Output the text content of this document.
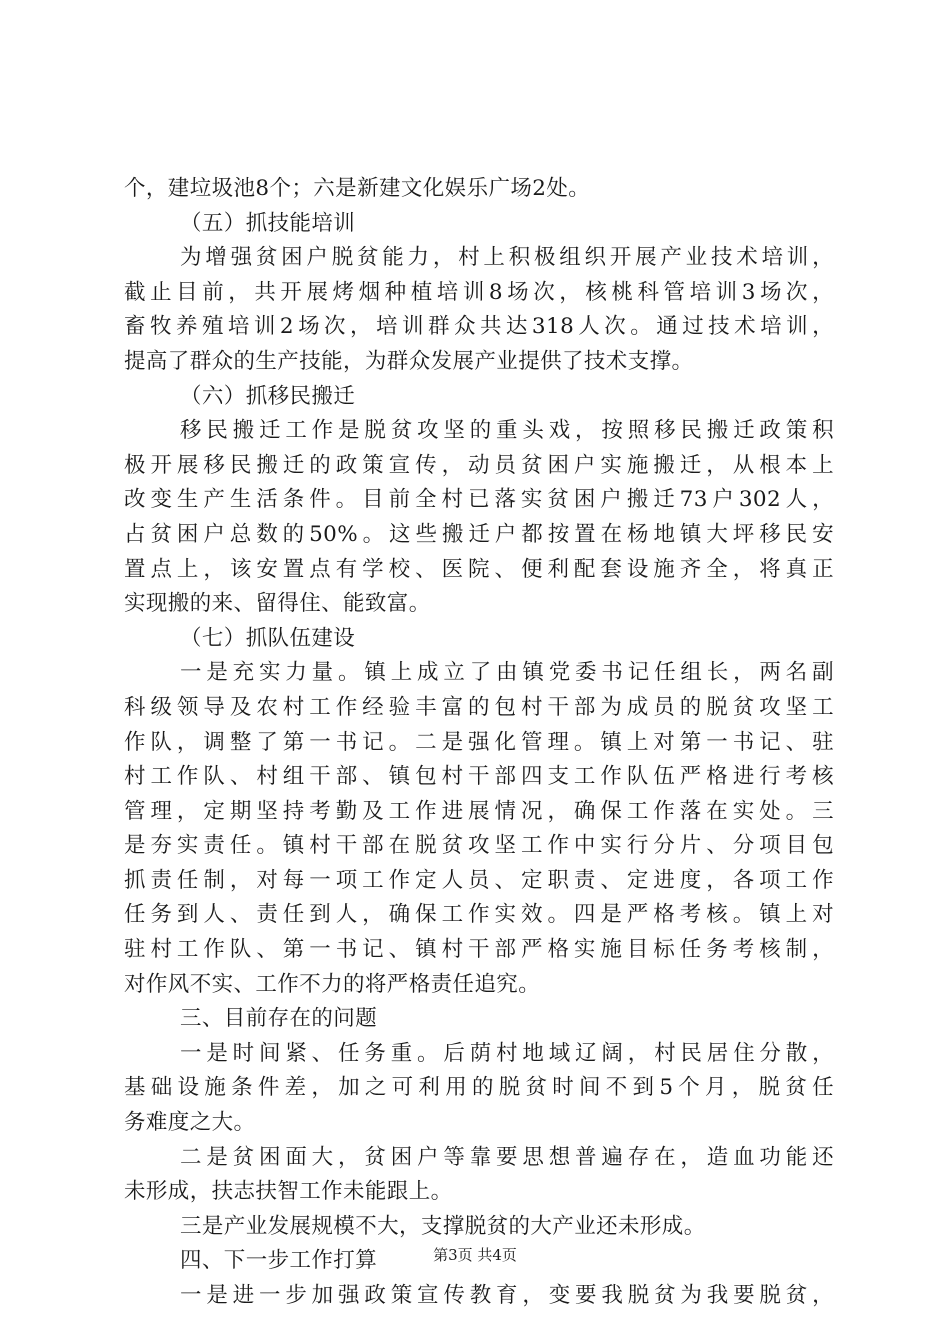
个，建垃圾池8个；六是新建文化娱乐广场2处。
（五）抓技能培训
为增强贫困户脱贫能力，村上积极组织开展产业技术培训，
截止目前，共开展烤烟种植培训8场次，核桃科管培训3场次，
畜牧养殖培训2场次，培训群众共达318人次。通过技术培训，
提高了群众的生产技能，为群众发展产业提供了技术支撑。
（六）抓移民搬迁
移民搬迁工作是脱贫攻坚的重头戏，按照移民搬迁政策积
极开展移民搬迁的政策宣传，动员贫困户实施搬迁，从根本上
改变生产生活条件。目前全村已落实贫困户搬迁73户302人，
占贫困户总数的50%。这些搬迁户都按置在杨地镇大坪移民安
置点上，该安置点有学校、医院、便利配套设施齐全，将真正
实现搬的来、留得住、能致富。
（七）抓队伍建设
一是充实力量。镇上成立了由镇党委书记任组长，两名副
科级领导及农村工作经验丰富的包村干部为成员的脱贫攻坚工
作队，调整了第一书记。二是强化管理。镇上对第一书记、驻
村工作队、村组干部、镇包村干部四支工作队伍严格进行考核
管理，定期坚持考勤及工作进展情况，确保工作落在实处。三
是夯实责任。镇村干部在脱贫攻坚工作中实行分片、分项目包
抓责任制，对每一项工作定人员、定职责、定进度，各项工作
任务到人、责任到人，确保工作实效。四是严格考核。镇上对
驻村工作队、第一书记、镇村干部严格实施目标任务考核制，
对作风不实、工作不力的将严格责任追究。
三、目前存在的问题
一是时间紧、任务重。后荫村地域辽阔，村民居住分散，
基础设施条件差，加之可利用的脱贫时间不到5个月，脱贫任
务难度之大。
二是贫困面大，贫困户等靠要思想普遍存在，造血功能还
未形成，扶志扶智工作未能跟上。
三是产业发展规模不大，支撑脱贫的大产业还未形成。
四、下一步工作打算
一是进一步加强政策宣传教育，变要我脱贫为我要脱贫，
第3页 共4页
